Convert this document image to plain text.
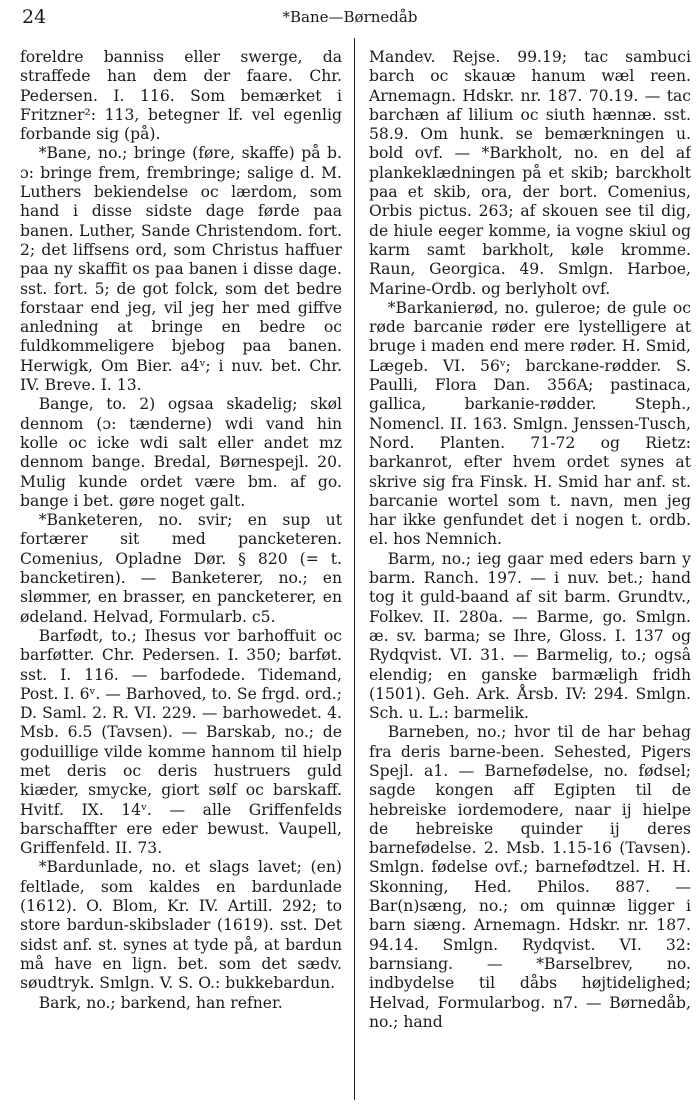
24	*Bane—Børnedåb

foreldre banniss eller swerge, da straffede han dem der faare. Chr. Pedersen. I. 116. Som bemærket i Fritzner²: 113, betegner lf. vel egenlig forbande sig (på).

*Bane, no.; bringe (føre, skaffe) på b. ɔ: bringe frem, frembringe; salige d. M. Luthers bekiendelse oc lærdom, som hand i disse sidste dage førde paa banen. Luther, Sande Christendom. fort. 2; det liffsens ord, som Christus haffuer paa ny skaffit os paa banen i disse dage. sst. fort. 5; de got folck, som det bedre forstaar end jeg, vil jeg her med giffve anledning at bringe en bedre oc fuldkommeligere bjebog paa banen. Herwigk, Om Bier. a4ᵛ; i nuv. bet. Chr. IV. Breve. I. 13.

Bange, to. 2) ogsaa skadelig; skøl dennom (ɔ: tænderne) wdi vand hin kolle oc icke wdi salt eller andet mz dennom bange. Bredal, Børnespejl. 20. Mulig kunde ordet være bm. af go. bange i bet. gøre noget galt.

*Banketeren, no. svir; en sup ut fortærer sit med pancketeren. Comenius, Opladne Dør. § 820 (= t. bancketiren). — Banketerer, no.; en slømmer, en brasser, en pancketerer, en ødeland. Helvad, Formularb. c5.

Barfødt, to.; Ihesus vor barhoffuit oc barføtter. Chr. Pedersen. I. 350; barføt. sst. I. 116. — barfodede. Tidemand, Post. I. 6ᵛ. — Barhoved, to. Se frgd. ord.; D. Saml. 2. R. VI. 229. — barhowedet. 4. Msb. 6.5 (Tavsen). — Barskab, no.; de goduillige vilde komme hannom til hielp met deris oc deris hustruers guld kiæder, smycke, giort sølf oc barskaff. Hvitf. IX. 14ᵛ. — alle Griffenfelds barschaffter ere eder bewust. Vaupell, Griffenfeld. II. 73.

*Bardunlade, no. et slags lavet; (en) feltlade, som kaldes en bardunlade (1612). O. Blom, Kr. IV. Artill. 292; to store bardun-skibslader (1619). sst. Det sidst anf. st. synes at tyde på, at bardun må have en lign. bet. som det sædv. søudtryk. Smlgn. V. S. O.: bukkebardun.

Bark, no.; barkend, han refner.

Mandev. Rejse. 99.19; tac sambuci barch oc skauæ hanum wæl reen. Arnemagn. Hdskr. nr. 187. 70.19. — tac barchæn af lilium oc siuth hænnæ. sst. 58.9. Om hunk. se bemærkningen u. bold ovf. — *Barkholt, no. en del af plankeklædningen på et skib; barckholt paa et skib, ora, der bort. Comenius, Orbis pictus. 263; af skouen see til dig, de hiule eeger komme, ia vogne skiul og karm samt barkholt, køle kromme. Raun, Georgica. 49. Smlgn. Harboe, Marine-Ordb. og berlyholt ovf.

*Barkanierød, no. guleroe; de gule oc røde barcanie røder ere lystelligere at bruge i maden end mere røder. H. Smid, Lægeb. VI. 56ᵛ; barckane-rødder. S. Paulli, Flora Dan. 356A; pastinaca, gallica, barkanie-rødder. Steph., Nomencl. II. 163. Smlgn. Jenssen-Tusch, Nord. Planten. 71-72 og Rietz: barkanrot, efter hvem ordet synes at skrive sig fra Finsk. H. Smid har anf. st. barcanie wortel som t. navn, men jeg har ikke genfundet det i nogen t. ordb. el. hos Nemnich.

Barm, no.; ieg gaar med eders barn y barm. Ranch. 197. — i nuv. bet.; hand tog it guld-baand af sit barm. Grundtv., Folkev. II. 280a. — Barme, go. Smlgn. æ. sv. barma; se Ihre, Gloss. I. 137 og Rydqvist. VI. 31. — Barmelig, to.; ogsâ elendig; en ganske barmæligh fridh (1501). Geh. Ark. Årsb. IV: 294. Smlgn. Sch. u. L.: barmelik.

Barneben, no.; hvor til de har behag fra deris barne-been. Sehested, Pigers Spejl. a1. — Barnefødelse, no. fødsel; sagde kongen aff Egipten til de hebreiske iordemodere, naar ij hielpe de hebreiske quinder ij deres barnefødelse. 2. Msb. 1.15-16 (Tavsen). Smlgn. fødelse ovf.; barnefødtzel. H. H. Skonning, Hed. Philos. 887. — Bar(n)sæng, no.; om quinnæ ligger i barn siæng. Arnemagn. Hdskr. nr. 187. 94.14. Smlgn. Rydqvist. VI. 32: barnsiang. — *Barselbrev, no. indbydelse til dåbs højtidelighed; Helvad, Formularbog. n7. — Børnedåb, no.; hand
